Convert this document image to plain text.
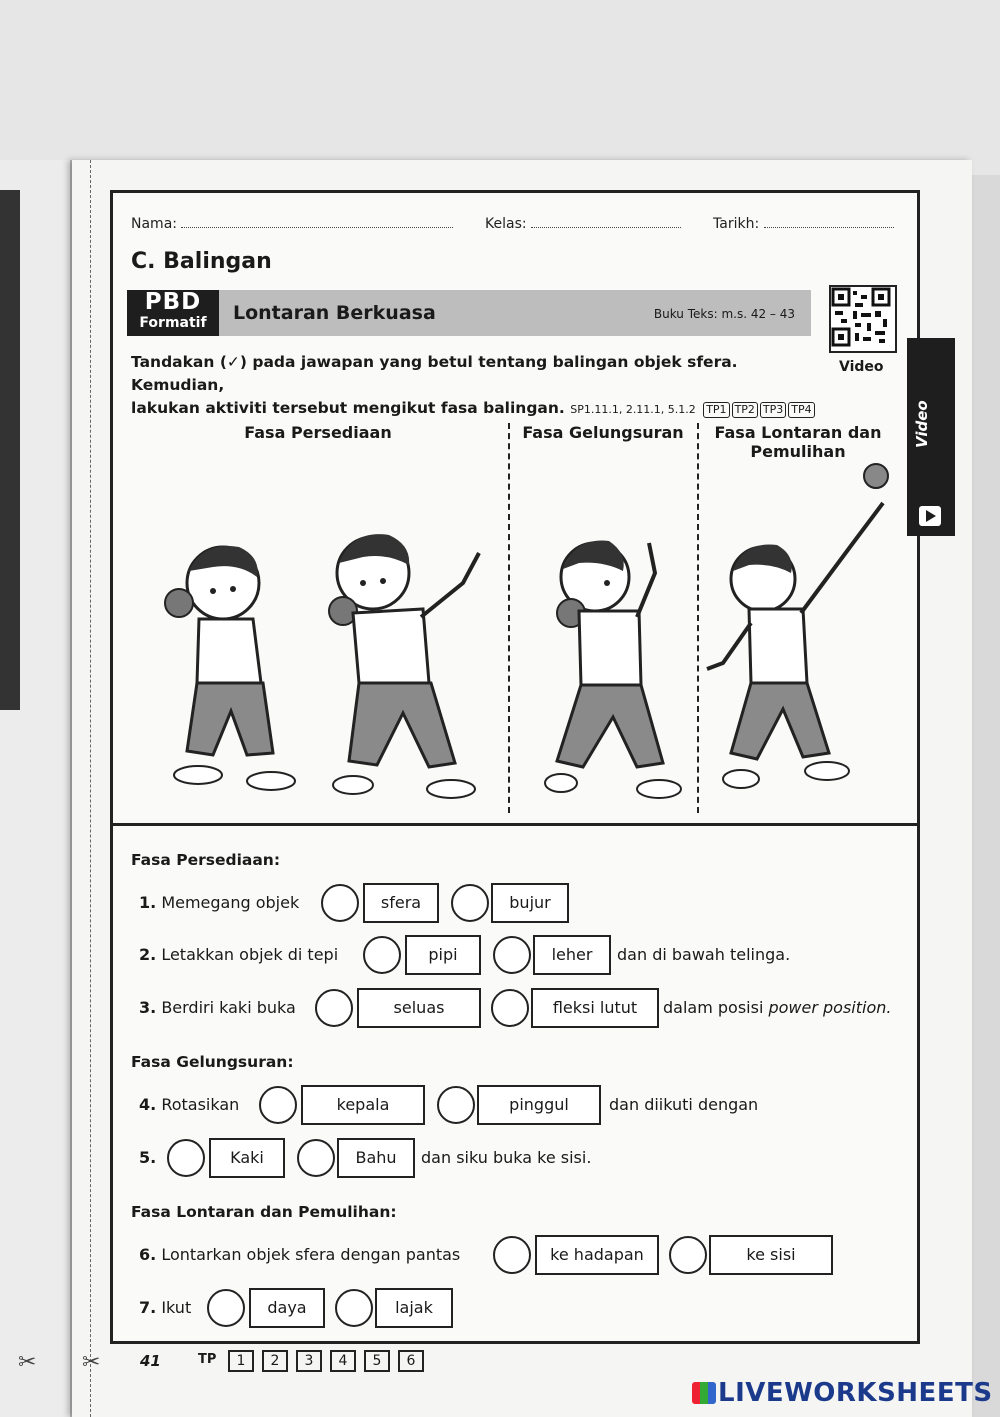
Nama:	Kelas:	Tarikh:
C. Balingan
PBD
Formatif	Lontaran Berkuasa	Buku Teks: m.s. 42 – 43
Video
Tandakan (✓) pada jawapan yang betul tentang balingan objek sfera. Kemudian,
lakukan aktiviti tersebut mengikut fasa balingan. SP1.11.1, 2.11.1, 5.1.2 TP1 TP2 TP3 TP4
Fasa Persediaan	Fasa Gelungsuran	Fasa Lontaran dan
Pemulihan
Fasa Persediaan:
1. Memegang objek	sfera	bujur
2. Letakkan objek di tepi	pipi	leher	dan di bawah telinga.
3. Berdiri kaki buka	seluas	fleksi lutut	dalam posisi power position.
Fasa Gelungsuran:
4. Rotasikan	kepala	pinggul	dan diikuti dengan
5.	Kaki	Bahu	dan siku buka ke sisi.
Fasa Lontaran dan Pemulihan:
6. Lontarkan objek sfera dengan pantas	ke hadapan	ke sisi
7. Ikut	daya	lajak
41	TP	1	2	3	4	5	6
Video
✂ ✂
LIVEWORKSHEETS
